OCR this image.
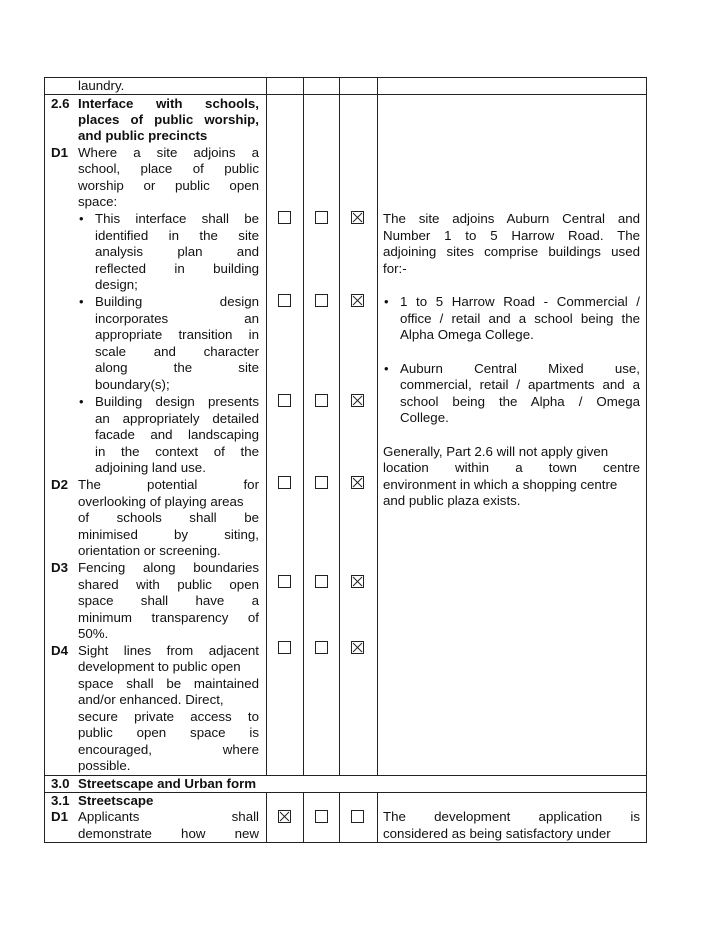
laundry.
2.6 Interface with schools,
places of public worship,
and public precincts
D1 Where a site adjoins a
school, place of public
worship or public open
space:
• This interface shall be
identified in the site
analysis plan and
reflected in building
design;
• Building design
incorporates an
appropriate transition in
scale and character
along the site
boundary(s);
• Building design presents
an appropriately detailed
facade and landscaping
in the context of the
adjoining land use.
D2 The potential for
overlooking of playing areas
of schools shall be
minimised by siting,
orientation or screening.
D3 Fencing along boundaries
shared with public open
space shall have a
minimum transparency of
50%.
D4 Sight lines from adjacent
development to public open
space shall be maintained
and/or enhanced. Direct,
secure private access to
public open space is
encouraged, where
possible.
The site adjoins Auburn Central and
Number 1 to 5 Harrow Road. The
adjoining sites comprise buildings used
for:-
• 1 to 5 Harrow Road - Commercial /
office / retail and a school being the
Alpha Omega College.
• Auburn Central Mixed use,
commercial, retail / apartments and a
school being the Alpha / Omega
College.
Generally, Part 2.6 will not apply given
location within a town centre
environment in which a shopping centre
and public plaza exists.
3.0 Streetscape and Urban form
3.1 Streetscape
D1 Applicants shall
demonstrate how new
The development application is
considered as being satisfactory under
